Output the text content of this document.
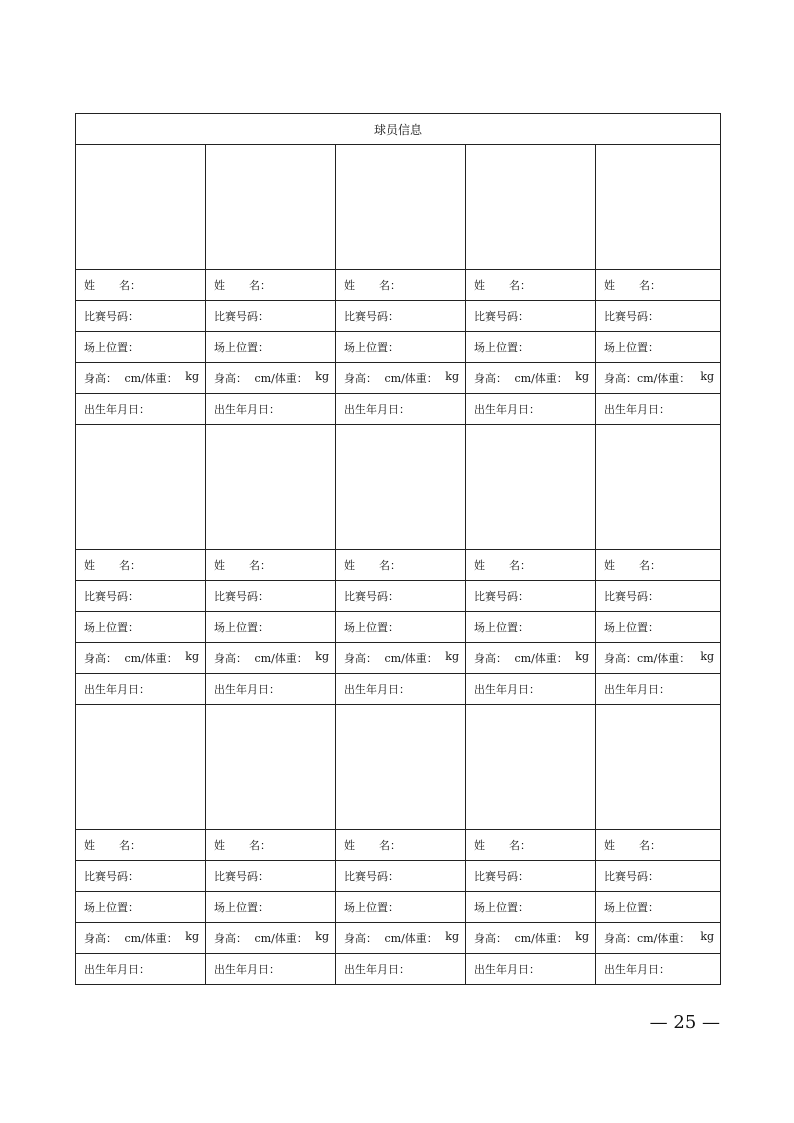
球员信息				

姓 名：	姓 名：	姓 名：	姓 名：	姓 名：
比赛号码：	比赛号码：	比赛号码：	比赛号码：	比赛号码：
场上位置：	场上位置：	场上位置：	场上位置：	场上位置：

身高： cm/体重： kg	身高： cm/体重： kg	身高： cm/体重： kg	身高： cm/体重： kg	身高：cm/体重： kg

出生年月日：	出生年月日：	出生年月日：	出生年月日：	出生年月日：

姓 名：	姓 名：	姓 名：	姓 名：	姓 名：
比赛号码：	比赛号码：	比赛号码：	比赛号码：	比赛号码：
场上位置：	场上位置：	场上位置：	场上位置：	场上位置：

身高： cm/体重： kg	身高： cm/体重： kg	身高： cm/体重： kg	身高： cm/体重： kg	身高：cm/体重： kg

出生年月日：	出生年月日：	出生年月日：	出生年月日：	出生年月日：

姓 名：	姓 名：	姓 名：	姓 名：	姓 名：
比赛号码：	比赛号码：	比赛号码：	比赛号码：	比赛号码：
场上位置：	场上位置：	场上位置：	场上位置：	场上位置：

身高： cm/体重： kg	身高： cm/体重： kg	身高： cm/体重： kg	身高： cm/体重： kg	身高：cm/体重： kg

出生年月日：	出生年月日：	出生年月日：	出生年月日：	出生年月日：
— 25 —
